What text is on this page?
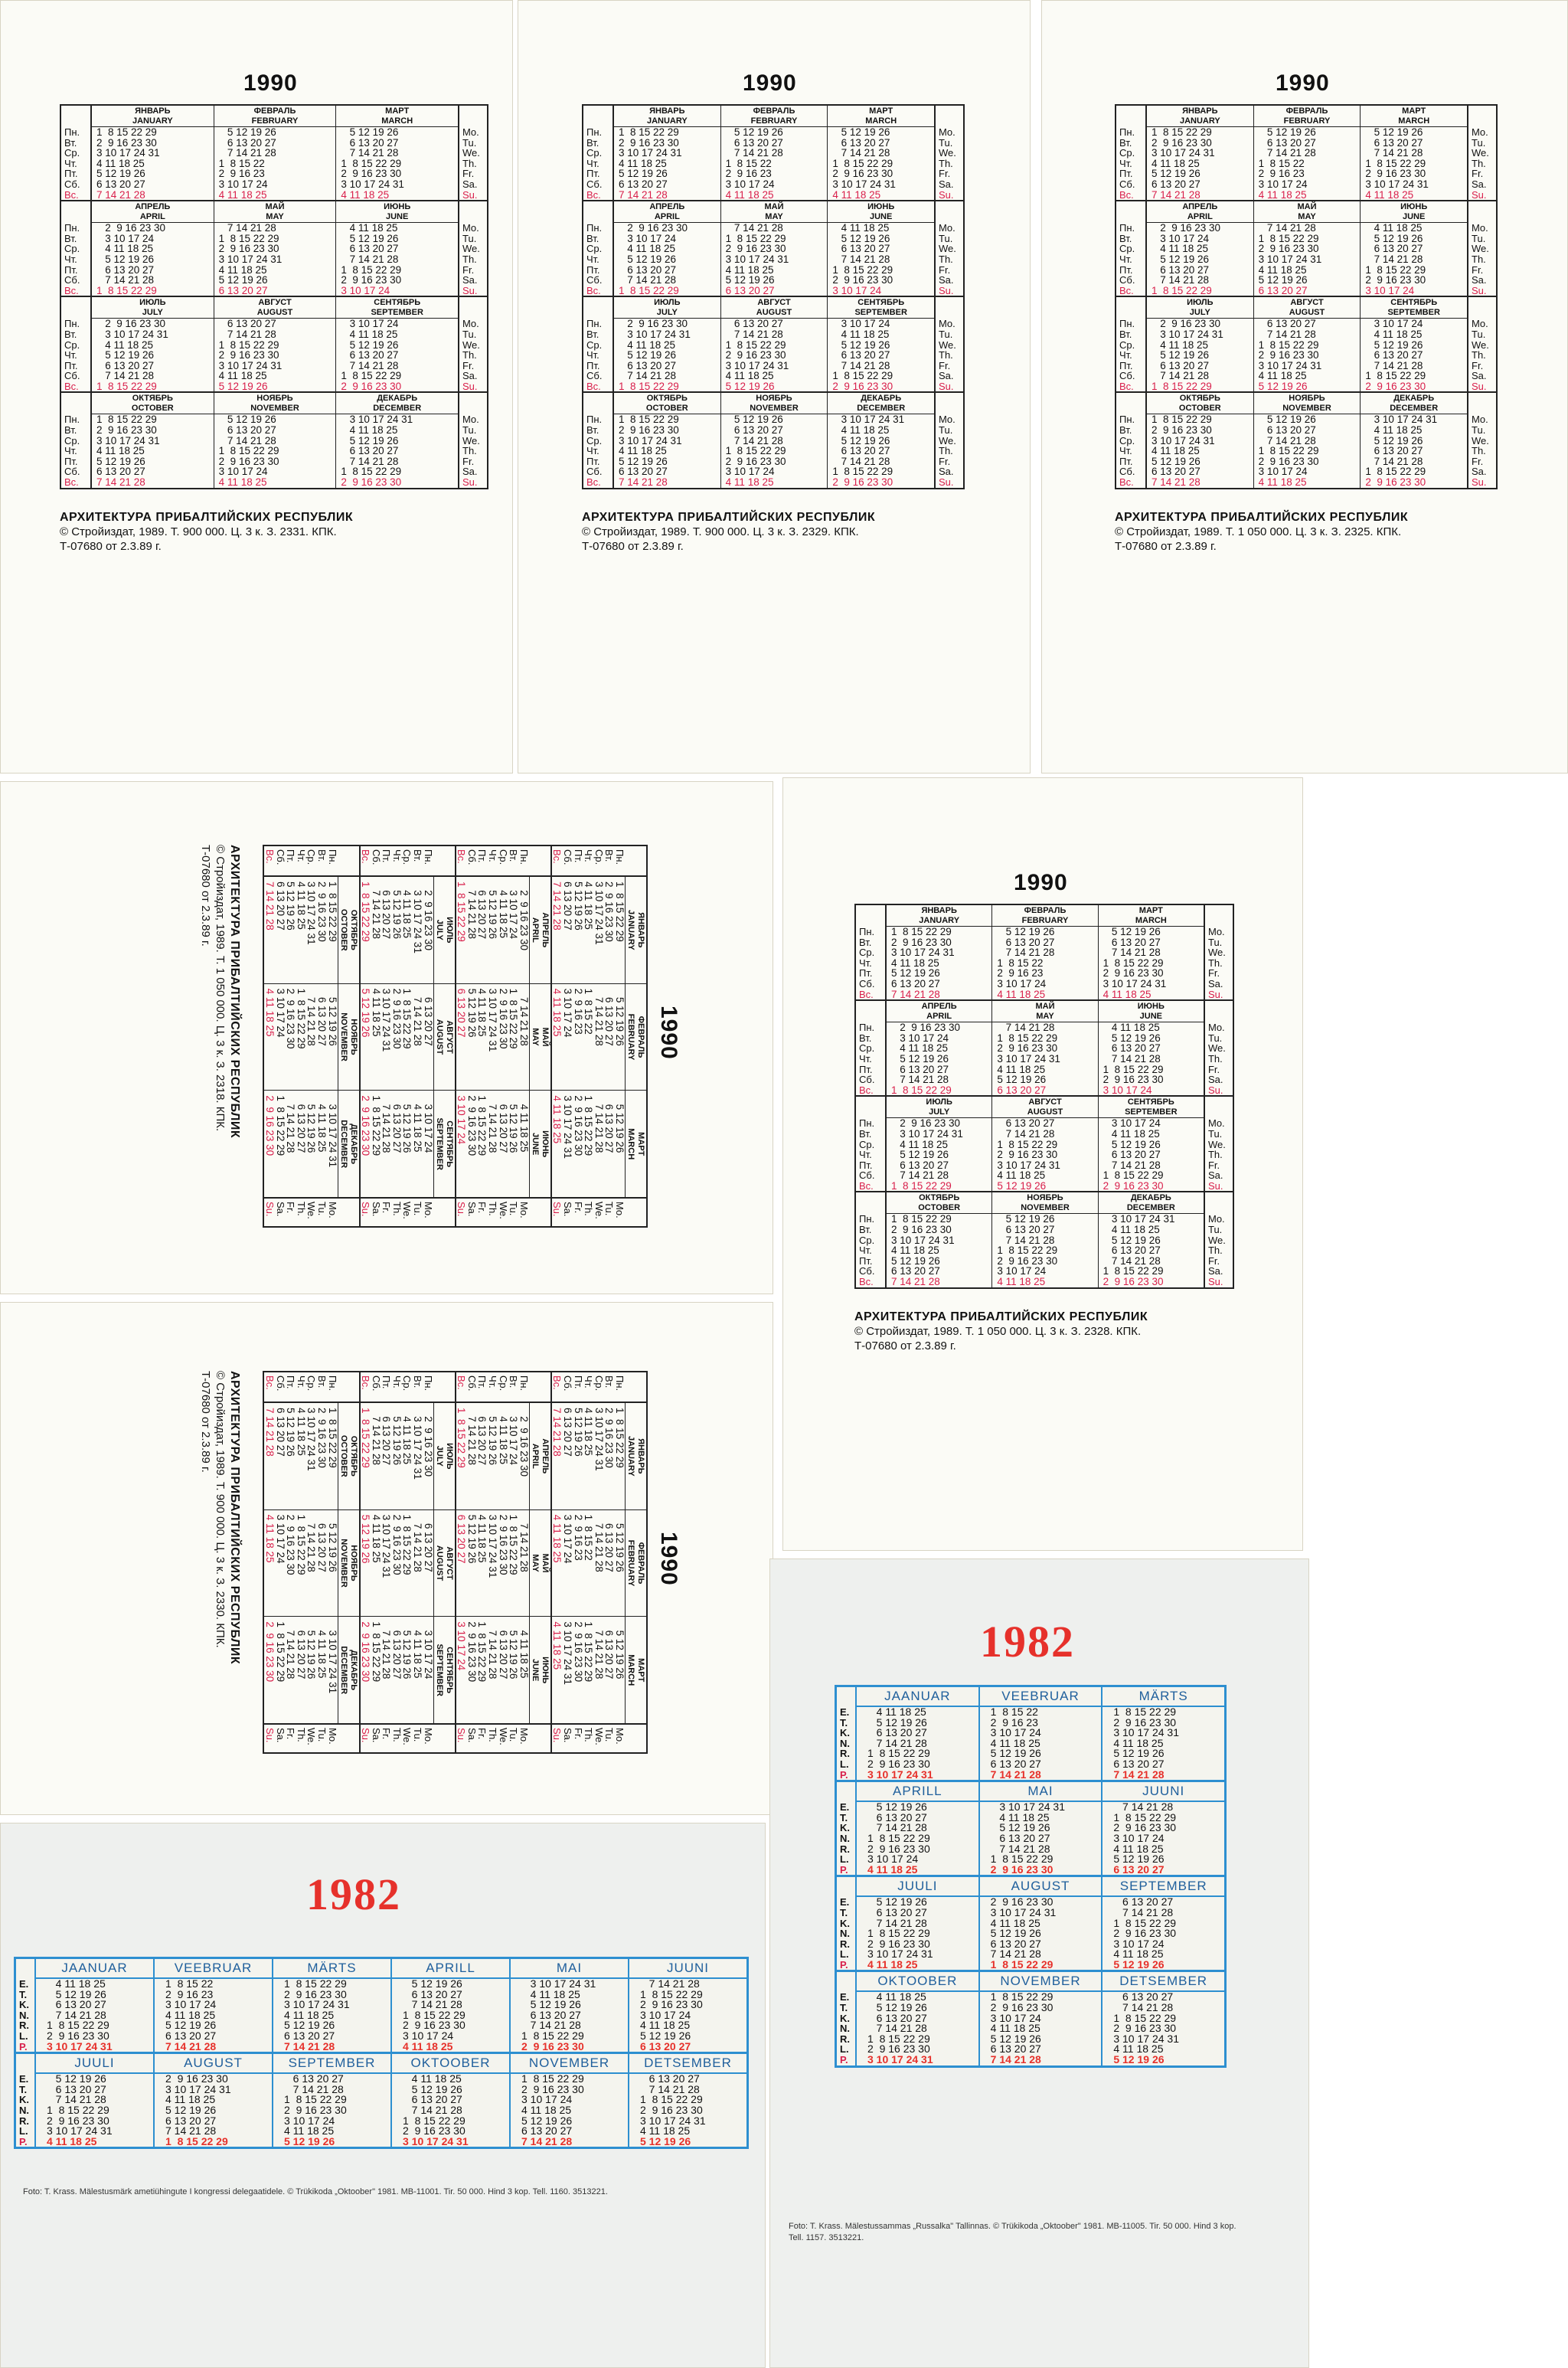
1990
Пн.
Вт.
Ср.
Чт.
Пт.
Сб.
Вс.
ЯНВАРЬ
JANUARY
1  8 15 22 29
2  9 16 23 30
3 10 17 24 31
4 11 18 25
5 12 19 26
6 13 20 27
7 14 21 28
ФЕВРАЛЬ
FEBRUARY
5 12 19 26
6 13 20 27
7 14 21 28
1  8 15 22
2  9 16 23
3 10 17 24
4 11 18 25
МАРТ
MARCH
5 12 19 26
6 13 20 27
7 14 21 28
1  8 15 22 29
2  9 16 23 30
3 10 17 24 31
4 11 18 25
Mo.
Tu.
We.
Th.
Fr.
Sa.
Su.
Пн.
Вт.
Ср.
Чт.
Пт.
Сб.
Вс.
АПРЕЛЬ
APRIL
2  9 16 23 30
3 10 17 24
4 11 18 25
5 12 19 26
6 13 20 27
7 14 21 28
1  8 15 22 29
МАЙ
MAY
7 14 21 28
1  8 15 22 29
2  9 16 23 30
3 10 17 24 31
4 11 18 25
5 12 19 26
6 13 20 27
ИЮНЬ
JUNE
4 11 18 25
5 12 19 26
6 13 20 27
7 14 21 28
1  8 15 22 29
2  9 16 23 30
3 10 17 24
Mo.
Tu.
We.
Th.
Fr.
Sa.
Su.
Пн.
Вт.
Ср.
Чт.
Пт.
Сб.
Вс.
ИЮЛЬ
JULY
2  9 16 23 30
3 10 17 24 31
4 11 18 25
5 12 19 26
6 13 20 27
7 14 21 28
1  8 15 22 29
АВГУСТ
AUGUST
6 13 20 27
7 14 21 28
1  8 15 22 29
2  9 16 23 30
3 10 17 24 31
4 11 18 25
5 12 19 26
СЕНТЯБРЬ
SEPTEMBER
3 10 17 24
4 11 18 25
5 12 19 26
6 13 20 27
7 14 21 28
1  8 15 22 29
2  9 16 23 30
Mo.
Tu.
We.
Th.
Fr.
Sa.
Su.
Пн.
Вт.
Ср.
Чт.
Пт.
Сб.
Вс.
ОКТЯБРЬ
OCTOBER
1  8 15 22 29
2  9 16 23 30
3 10 17 24 31
4 11 18 25
5 12 19 26
6 13 20 27
7 14 21 28
НОЯБРЬ
NOVEMBER
5 12 19 26
6 13 20 27
7 14 21 28
1  8 15 22 29
2  9 16 23 30
3 10 17 24
4 11 18 25
ДЕКАБРЬ
DECEMBER
3 10 17 24 31
4 11 18 25
5 12 19 26
6 13 20 27
7 14 21 28
1  8 15 22 29
2  9 16 23 30
Mo.
Tu.
We.
Th.
Fr.
Sa.
Su.
АРХИТЕКТУРА ПРИБАЛТИЙСКИХ РЕСПУБЛИК
© Стройиздат, 1989. Т. 900 000. Ц. 3 к. З. 2331. КПК.
Т-07680 от 2.3.89 г.
1990
Пн.
Вт.
Ср.
Чт.
Пт.
Сб.
Вс.
ЯНВАРЬ
JANUARY
1  8 15 22 29
2  9 16 23 30
3 10 17 24 31
4 11 18 25
5 12 19 26
6 13 20 27
7 14 21 28
ФЕВРАЛЬ
FEBRUARY
5 12 19 26
6 13 20 27
7 14 21 28
1  8 15 22
2  9 16 23
3 10 17 24
4 11 18 25
МАРТ
MARCH
5 12 19 26
6 13 20 27
7 14 21 28
1  8 15 22 29
2  9 16 23 30
3 10 17 24 31
4 11 18 25
Mo.
Tu.
We.
Th.
Fr.
Sa.
Su.
Пн.
Вт.
Ср.
Чт.
Пт.
Сб.
Вс.
АПРЕЛЬ
APRIL
2  9 16 23 30
3 10 17 24
4 11 18 25
5 12 19 26
6 13 20 27
7 14 21 28
1  8 15 22 29
МАЙ
MAY
7 14 21 28
1  8 15 22 29
2  9 16 23 30
3 10 17 24 31
4 11 18 25
5 12 19 26
6 13 20 27
ИЮНЬ
JUNE
4 11 18 25
5 12 19 26
6 13 20 27
7 14 21 28
1  8 15 22 29
2  9 16 23 30
3 10 17 24
Mo.
Tu.
We.
Th.
Fr.
Sa.
Su.
Пн.
Вт.
Ср.
Чт.
Пт.
Сб.
Вс.
ИЮЛЬ
JULY
2  9 16 23 30
3 10 17 24 31
4 11 18 25
5 12 19 26
6 13 20 27
7 14 21 28
1  8 15 22 29
АВГУСТ
AUGUST
6 13 20 27
7 14 21 28
1  8 15 22 29
2  9 16 23 30
3 10 17 24 31
4 11 18 25
5 12 19 26
СЕНТЯБРЬ
SEPTEMBER
3 10 17 24
4 11 18 25
5 12 19 26
6 13 20 27
7 14 21 28
1  8 15 22 29
2  9 16 23 30
Mo.
Tu.
We.
Th.
Fr.
Sa.
Su.
Пн.
Вт.
Ср.
Чт.
Пт.
Сб.
Вс.
ОКТЯБРЬ
OCTOBER
1  8 15 22 29
2  9 16 23 30
3 10 17 24 31
4 11 18 25
5 12 19 26
6 13 20 27
7 14 21 28
НОЯБРЬ
NOVEMBER
5 12 19 26
6 13 20 27
7 14 21 28
1  8 15 22 29
2  9 16 23 30
3 10 17 24
4 11 18 25
ДЕКАБРЬ
DECEMBER
3 10 17 24 31
4 11 18 25
5 12 19 26
6 13 20 27
7 14 21 28
1  8 15 22 29
2  9 16 23 30
Mo.
Tu.
We.
Th.
Fr.
Sa.
Su.
АРХИТЕКТУРА ПРИБАЛТИЙСКИХ РЕСПУБЛИК
© Стройиздат, 1989. Т. 900 000. Ц. 3 к. З. 2329. КПК.
Т-07680 от 2.3.89 г.
1990
Пн.
Вт.
Ср.
Чт.
Пт.
Сб.
Вс.
ЯНВАРЬ
JANUARY
1  8 15 22 29
2  9 16 23 30
3 10 17 24 31
4 11 18 25
5 12 19 26
6 13 20 27
7 14 21 28
ФЕВРАЛЬ
FEBRUARY
5 12 19 26
6 13 20 27
7 14 21 28
1  8 15 22
2  9 16 23
3 10 17 24
4 11 18 25
МАРТ
MARCH
5 12 19 26
6 13 20 27
7 14 21 28
1  8 15 22 29
2  9 16 23 30
3 10 17 24 31
4 11 18 25
Mo.
Tu.
We.
Th.
Fr.
Sa.
Su.
Пн.
Вт.
Ср.
Чт.
Пт.
Сб.
Вс.
АПРЕЛЬ
APRIL
2  9 16 23 30
3 10 17 24
4 11 18 25
5 12 19 26
6 13 20 27
7 14 21 28
1  8 15 22 29
МАЙ
MAY
7 14 21 28
1  8 15 22 29
2  9 16 23 30
3 10 17 24 31
4 11 18 25
5 12 19 26
6 13 20 27
ИЮНЬ
JUNE
4 11 18 25
5 12 19 26
6 13 20 27
7 14 21 28
1  8 15 22 29
2  9 16 23 30
3 10 17 24
Mo.
Tu.
We.
Th.
Fr.
Sa.
Su.
Пн.
Вт.
Ср.
Чт.
Пт.
Сб.
Вс.
ИЮЛЬ
JULY
2  9 16 23 30
3 10 17 24 31
4 11 18 25
5 12 19 26
6 13 20 27
7 14 21 28
1  8 15 22 29
АВГУСТ
AUGUST
6 13 20 27
7 14 21 28
1  8 15 22 29
2  9 16 23 30
3 10 17 24 31
4 11 18 25
5 12 19 26
СЕНТЯБРЬ
SEPTEMBER
3 10 17 24
4 11 18 25
5 12 19 26
6 13 20 27
7 14 21 28
1  8 15 22 29
2  9 16 23 30
Mo.
Tu.
We.
Th.
Fr.
Sa.
Su.
Пн.
Вт.
Ср.
Чт.
Пт.
Сб.
Вс.
ОКТЯБРЬ
OCTOBER
1  8 15 22 29
2  9 16 23 30
3 10 17 24 31
4 11 18 25
5 12 19 26
6 13 20 27
7 14 21 28
НОЯБРЬ
NOVEMBER
5 12 19 26
6 13 20 27
7 14 21 28
1  8 15 22 29
2  9 16 23 30
3 10 17 24
4 11 18 25
ДЕКАБРЬ
DECEMBER
3 10 17 24 31
4 11 18 25
5 12 19 26
6 13 20 27
7 14 21 28
1  8 15 22 29
2  9 16 23 30
Mo.
Tu.
We.
Th.
Fr.
Sa.
Su.
АРХИТЕКТУРА ПРИБАЛТИЙСКИХ РЕСПУБЛИК
© Стройиздат, 1989. Т. 1 050 000. Ц. 3 к. З. 2325. КПК.
Т-07680 от 2.3.89 г.
1990
Пн.
Вт.
Ср.
Чт.
Пт.
Сб.
Вс.
ЯНВАРЬ
JANUARY
1  8 15 22 29
2  9 16 23 30
3 10 17 24 31
4 11 18 25
5 12 19 26
6 13 20 27
7 14 21 28
ФЕВРАЛЬ
FEBRUARY
5 12 19 26
6 13 20 27
7 14 21 28
1  8 15 22
2  9 16 23
3 10 17 24
4 11 18 25
МАРТ
MARCH
5 12 19 26
6 13 20 27
7 14 21 28
1  8 15 22 29
2  9 16 23 30
3 10 17 24 31
4 11 18 25
Mo.
Tu.
We.
Th.
Fr.
Sa.
Su.
Пн.
Вт.
Ср.
Чт.
Пт.
Сб.
Вс.
АПРЕЛЬ
APRIL
2  9 16 23 30
3 10 17 24
4 11 18 25
5 12 19 26
6 13 20 27
7 14 21 28
1  8 15 22 29
МАЙ
MAY
7 14 21 28
1  8 15 22 29
2  9 16 23 30
3 10 17 24 31
4 11 18 25
5 12 19 26
6 13 20 27
ИЮНЬ
JUNE
4 11 18 25
5 12 19 26
6 13 20 27
7 14 21 28
1  8 15 22 29
2  9 16 23 30
3 10 17 24
Mo.
Tu.
We.
Th.
Fr.
Sa.
Su.
Пн.
Вт.
Ср.
Чт.
Пт.
Сб.
Вс.
ИЮЛЬ
JULY
2  9 16 23 30
3 10 17 24 31
4 11 18 25
5 12 19 26
6 13 20 27
7 14 21 28
1  8 15 22 29
АВГУСТ
AUGUST
6 13 20 27
7 14 21 28
1  8 15 22 29
2  9 16 23 30
3 10 17 24 31
4 11 18 25
5 12 19 26
СЕНТЯБРЬ
SEPTEMBER
3 10 17 24
4 11 18 25
5 12 19 26
6 13 20 27
7 14 21 28
1  8 15 22 29
2  9 16 23 30
Mo.
Tu.
We.
Th.
Fr.
Sa.
Su.
Пн.
Вт.
Ср.
Чт.
Пт.
Сб.
Вс.
ОКТЯБРЬ
OCTOBER
1  8 15 22 29
2  9 16 23 30
3 10 17 24 31
4 11 18 25
5 12 19 26
6 13 20 27
7 14 21 28
НОЯБРЬ
NOVEMBER
5 12 19 26
6 13 20 27
7 14 21 28
1  8 15 22 29
2  9 16 23 30
3 10 17 24
4 11 18 25
ДЕКАБРЬ
DECEMBER
3 10 17 24 31
4 11 18 25
5 12 19 26
6 13 20 27
7 14 21 28
1  8 15 22 29
2  9 16 23 30
Mo.
Tu.
We.
Th.
Fr.
Sa.
Su.
АРХИТЕКТУРА ПРИБАЛТИЙСКИХ РЕСПУБЛИК
© Стройиздат, 1989. Т. 1 050 000. Ц. 3 к. З. 2318. КПК.
Т-07680 от 2.3.89 г.	1990
Пн.
Вт.
Ср.
Чт.
Пт.
Сб.
Вс.
ЯНВАРЬ
JANUARY
1  8 15 22 29
2  9 16 23 30
3 10 17 24 31
4 11 18 25
5 12 19 26
6 13 20 27
7 14 21 28
ФЕВРАЛЬ
FEBRUARY
5 12 19 26
6 13 20 27
7 14 21 28
1  8 15 22
2  9 16 23
3 10 17 24
4 11 18 25
МАРТ
MARCH
5 12 19 26
6 13 20 27
7 14 21 28
1  8 15 22 29
2  9 16 23 30
3 10 17 24 31
4 11 18 25
Mo.
Tu.
We.
Th.
Fr.
Sa.
Su.
Пн.
Вт.
Ср.
Чт.
Пт.
Сб.
Вс.
АПРЕЛЬ
APRIL
2  9 16 23 30
3 10 17 24
4 11 18 25
5 12 19 26
6 13 20 27
7 14 21 28
1  8 15 22 29
МАЙ
MAY
7 14 21 28
1  8 15 22 29
2  9 16 23 30
3 10 17 24 31
4 11 18 25
5 12 19 26
6 13 20 27
ИЮНЬ
JUNE
4 11 18 25
5 12 19 26
6 13 20 27
7 14 21 28
1  8 15 22 29
2  9 16 23 30
3 10 17 24
Mo.
Tu.
We.
Th.
Fr.
Sa.
Su.
Пн.
Вт.
Ср.
Чт.
Пт.
Сб.
Вс.
ИЮЛЬ
JULY
2  9 16 23 30
3 10 17 24 31
4 11 18 25
5 12 19 26
6 13 20 27
7 14 21 28
1  8 15 22 29
АВГУСТ
AUGUST
6 13 20 27
7 14 21 28
1  8 15 22 29
2  9 16 23 30
3 10 17 24 31
4 11 18 25
5 12 19 26
СЕНТЯБРЬ
SEPTEMBER
3 10 17 24
4 11 18 25
5 12 19 26
6 13 20 27
7 14 21 28
1  8 15 22 29
2  9 16 23 30
Mo.
Tu.
We.
Th.
Fr.
Sa.
Su.
Пн.
Вт.
Ср.
Чт.
Пт.
Сб.
Вс.
ОКТЯБРЬ
OCTOBER
1  8 15 22 29
2  9 16 23 30
3 10 17 24 31
4 11 18 25
5 12 19 26
6 13 20 27
7 14 21 28
НОЯБРЬ
NOVEMBER
5 12 19 26
6 13 20 27
7 14 21 28
1  8 15 22 29
2  9 16 23 30
3 10 17 24
4 11 18 25
ДЕКАБРЬ
DECEMBER
3 10 17 24 31
4 11 18 25
5 12 19 26
6 13 20 27
7 14 21 28
1  8 15 22 29
2  9 16 23 30
Mo.
Tu.
We.
Th.
Fr.
Sa.
Su.
АРХИТЕКТУРА ПРИБАЛТИЙСКИХ РЕСПУБЛИК
© Стройиздат, 1989. Т. 1 050 000. Ц. 3 к. З. 2328. КПК.
Т-07680 от 2.3.89 г.
1990
Пн.
Вт.
Ср.
Чт.
Пт.
Сб.
Вс.
ЯНВАРЬ
JANUARY
1  8 15 22 29
2  9 16 23 30
3 10 17 24 31
4 11 18 25
5 12 19 26
6 13 20 27
7 14 21 28
ФЕВРАЛЬ
FEBRUARY
5 12 19 26
6 13 20 27
7 14 21 28
1  8 15 22
2  9 16 23
3 10 17 24
4 11 18 25
МАРТ
MARCH
5 12 19 26
6 13 20 27
7 14 21 28
1  8 15 22 29
2  9 16 23 30
3 10 17 24 31
4 11 18 25
Mo.
Tu.
We.
Th.
Fr.
Sa.
Su.
Пн.
Вт.
Ср.
Чт.
Пт.
Сб.
Вс.
АПРЕЛЬ
APRIL
2  9 16 23 30
3 10 17 24
4 11 18 25
5 12 19 26
6 13 20 27
7 14 21 28
1  8 15 22 29
МАЙ
MAY
7 14 21 28
1  8 15 22 29
2  9 16 23 30
3 10 17 24 31
4 11 18 25
5 12 19 26
6 13 20 27
ИЮНЬ
JUNE
4 11 18 25
5 12 19 26
6 13 20 27
7 14 21 28
1  8 15 22 29
2  9 16 23 30
3 10 17 24
Mo.
Tu.
We.
Th.
Fr.
Sa.
Su.
Пн.
Вт.
Ср.
Чт.
Пт.
Сб.
Вс.
ИЮЛЬ
JULY
2  9 16 23 30
3 10 17 24 31
4 11 18 25
5 12 19 26
6 13 20 27
7 14 21 28
1  8 15 22 29
АВГУСТ
AUGUST
6 13 20 27
7 14 21 28
1  8 15 22 29
2  9 16 23 30
3 10 17 24 31
4 11 18 25
5 12 19 26
СЕНТЯБРЬ
SEPTEMBER
3 10 17 24
4 11 18 25
5 12 19 26
6 13 20 27
7 14 21 28
1  8 15 22 29
2  9 16 23 30
Mo.
Tu.
We.
Th.
Fr.
Sa.
Su.
Пн.
Вт.
Ср.
Чт.
Пт.
Сб.
Вс.
ОКТЯБРЬ
OCTOBER
1  8 15 22 29
2  9 16 23 30
3 10 17 24 31
4 11 18 25
5 12 19 26
6 13 20 27
7 14 21 28
НОЯБРЬ
NOVEMBER
5 12 19 26
6 13 20 27
7 14 21 28
1  8 15 22 29
2  9 16 23 30
3 10 17 24
4 11 18 25
ДЕКАБРЬ
DECEMBER
3 10 17 24 31
4 11 18 25
5 12 19 26
6 13 20 27
7 14 21 28
1  8 15 22 29
2  9 16 23 30
Mo.
Tu.
We.
Th.
Fr.
Sa.
Su.
АРХИТЕКТУРА ПРИБАЛТИЙСКИХ РЕСПУБЛИК
© Стройиздат, 1989. Т. 900 000. Ц. 3 к. З. 2330. КПК.
Т-07680 от 2.3.89 г.
1982
E.
T.
K.
N.
R.
L.
P.
JAANUAR
4 11 18 25
5 12 19 26
6 13 20 27
7 14 21 28
1  8 15 22 29
2  9 16 23 30
3 10 17 24 31
VEEBRUAR
1  8 15 22
2  9 16 23
3 10 17 24
4 11 18 25
5 12 19 26
6 13 20 27
7 14 21 28
MÄRTS
1  8 15 22 29
2  9 16 23 30
3 10 17 24 31
4 11 18 25
5 12 19 26
6 13 20 27
7 14 21 28
APRILL
5 12 19 26
6 13 20 27
7 14 21 28
1  8 15 22 29
2  9 16 23 30
3 10 17 24
4 11 18 25
MAI
3 10 17 24 31
4 11 18 25
5 12 19 26
6 13 20 27
7 14 21 28
1  8 15 22 29
2  9 16 23 30
JUUNI
7 14 21 28
1  8 15 22 29
2  9 16 23 30
3 10 17 24
4 11 18 25
5 12 19 26
6 13 20 27
E.
T.
K.
N.
R.
L.
P.
JUULI
5 12 19 26
6 13 20 27
7 14 21 28
1  8 15 22 29
2  9 16 23 30
3 10 17 24 31
4 11 18 25
AUGUST
2  9 16 23 30
3 10 17 24 31
4 11 18 25
5 12 19 26
6 13 20 27
7 14 21 28
1  8 15 22 29
SEPTEMBER
6 13 20 27
7 14 21 28
1  8 15 22 29
2  9 16 23 30
3 10 17 24
4 11 18 25
5 12 19 26
OKTOOBER
4 11 18 25
5 12 19 26
6 13 20 27
7 14 21 28
1  8 15 22 29
2  9 16 23 30
3 10 17 24 31
NOVEMBER
1  8 15 22 29
2  9 16 23 30
3 10 17 24
4 11 18 25
5 12 19 26
6 13 20 27
7 14 21 28
DETSEMBER
6 13 20 27
7 14 21 28
1  8 15 22 29
2  9 16 23 30
3 10 17 24 31
4 11 18 25
5 12 19 26
Foto: T. Krass. Mälestusmärk ametiühingute I kongressi delegaatidele. © Trükikoda „Oktoober" 1981. MB-11001. Tir. 50 000. Hind 3 kop. Tell. 1160. 3513221.
1982
E.
T.
K.
N.
R.
L.
P.
JAANUAR
4 11 18 25
5 12 19 26
6 13 20 27
7 14 21 28
1  8 15 22 29
2  9 16 23 30
3 10 17 24 31
VEEBRUAR
1  8 15 22
2  9 16 23
3 10 17 24
4 11 18 25
5 12 19 26
6 13 20 27
7 14 21 28
MÄRTS
1  8 15 22 29
2  9 16 23 30
3 10 17 24 31
4 11 18 25
5 12 19 26
6 13 20 27
7 14 21 28
E.
T.
K.
N.
R.
L.
P.
APRILL
5 12 19 26
6 13 20 27
7 14 21 28
1  8 15 22 29
2  9 16 23 30
3 10 17 24
4 11 18 25
MAI
3 10 17 24 31
4 11 18 25
5 12 19 26
6 13 20 27
7 14 21 28
1  8 15 22 29
2  9 16 23 30
JUUNI
7 14 21 28
1  8 15 22 29
2  9 16 23 30
3 10 17 24
4 11 18 25
5 12 19 26
6 13 20 27
E.
T.
K.
N.
R.
L.
P.
JUULI
5 12 19 26
6 13 20 27
7 14 21 28
1  8 15 22 29
2  9 16 23 30
3 10 17 24 31
4 11 18 25
AUGUST
2  9 16 23 30
3 10 17 24 31
4 11 18 25
5 12 19 26
6 13 20 27
7 14 21 28
1  8 15 22 29
SEPTEMBER
6 13 20 27
7 14 21 28
1  8 15 22 29
2  9 16 23 30
3 10 17 24
4 11 18 25
5 12 19 26
E.
T.
K.
N.
R.
L.
P.
OKTOOBER
4 11 18 25
5 12 19 26
6 13 20 27
7 14 21 28
1  8 15 22 29
2  9 16 23 30
3 10 17 24 31
NOVEMBER
1  8 15 22 29
2  9 16 23 30
3 10 17 24
4 11 18 25
5 12 19 26
6 13 20 27
7 14 21 28
DETSEMBER
6 13 20 27
7 14 21 28
1  8 15 22 29
2  9 16 23 30
3 10 17 24 31
4 11 18 25
5 12 19 26
Foto: T. Krass. Mälestussammas „Russalka" Tallinnas. © Trükikoda „Oktoober" 1981. MB-11005. Tir. 50 000. Hind 3 kop. Tell. 1157. 3513221.
